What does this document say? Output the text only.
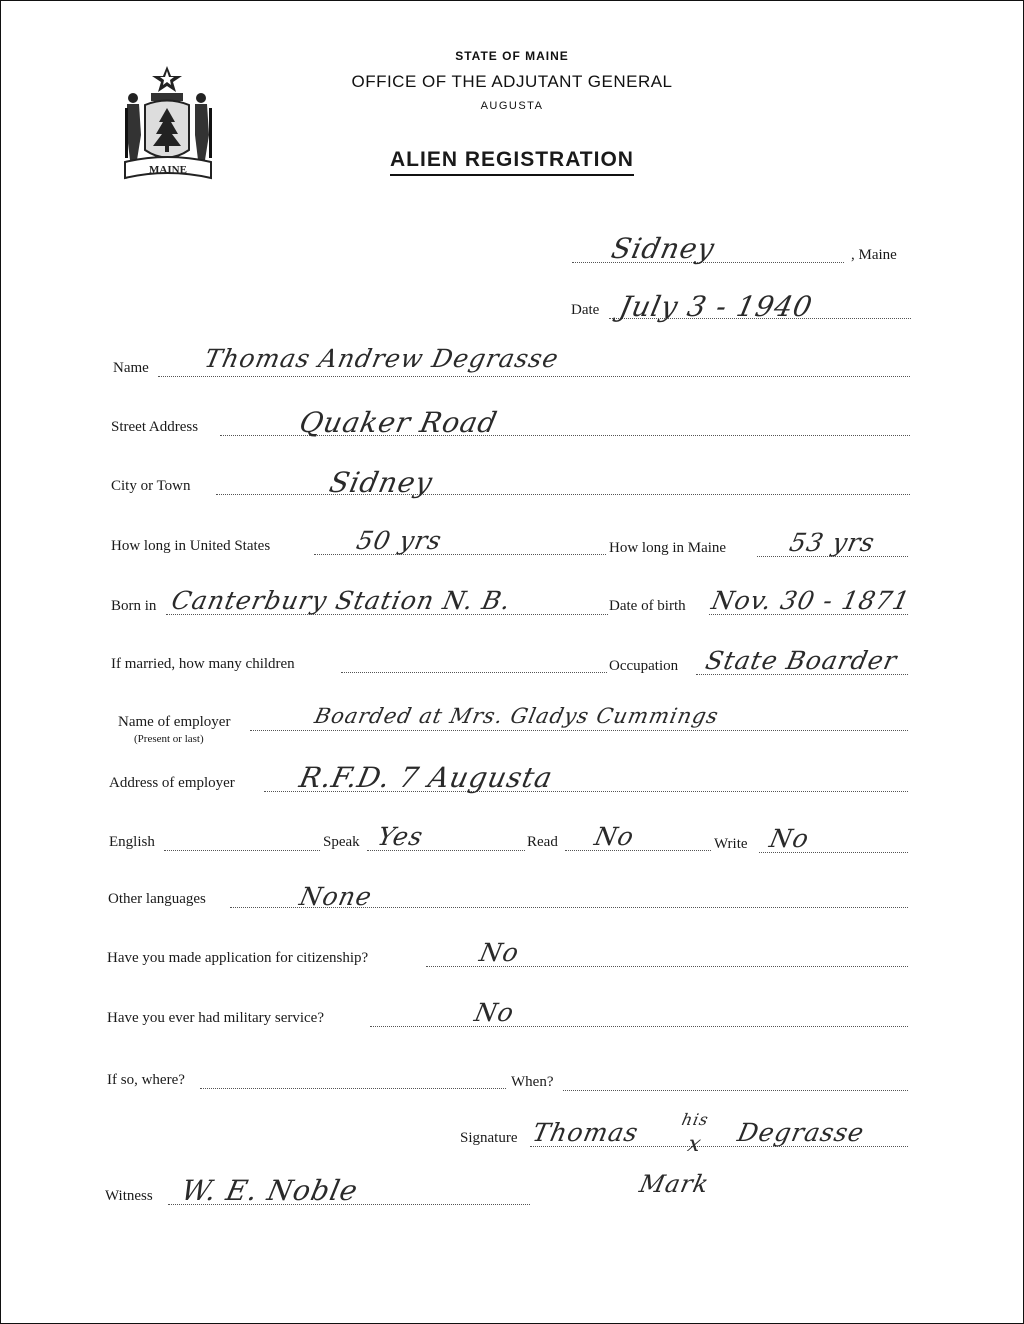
MAINE
STATE OF MAINE
OFFICE OF THE ADJUTANT GENERAL
AUGUSTA
ALIEN REGISTRATION
Sidney	, Maine
Date July 3 - 1940
Name Thomas Andrew Degrasse
Street Address	Quaker Road
City or Town	Sidney
How long in United States	50 yrs	How long in Maine 53 yrs
Born in Canterbury Station N. B.	Date of birth Nov. 30 - 1871
If married, how many children	Occupation State Boarder
Name of employer
(Present or last)
Boarded at Mrs. Gladys Cummings
Address of employer R.F.D. 7 Augusta
English	Speak Yes	Read No	Write No
Other languages	None
Have you made application for citizenship?	No
Have you ever had military service?	No
If so, where?	When?
Signature Thomas his
x Degrasse
Mark
Witness W. E. Noble
